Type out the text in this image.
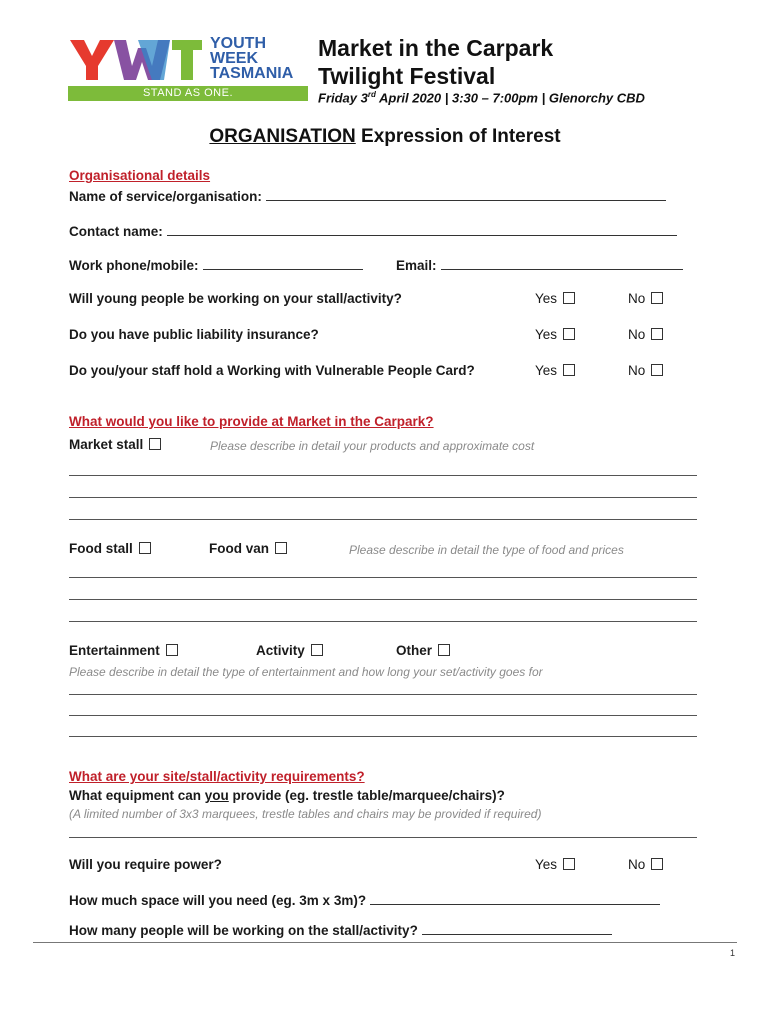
YOUTH
WEEK
TASMANIA
STAND AS ONE.
Market in the Carpark
Twilight Festival
Friday 3rd April 2020 | 3:30 – 7:00pm | Glenorchy CBD
ORGANISATION Expression of Interest
Organisational details
Name of service/organisation:
Contact name:
Work phone/mobile:	Email:
Will young people be working on your stall/activity?	Yes	No
Do you have public liability insurance?	Yes	No
Do you/your staff hold a Working with Vulnerable People Card?	Yes	No
What would you like to provide at Market in the Carpark?
Market stall	Please describe in detail your products and approximate cost
Food stall	Food van	Please describe in detail the type of food and prices
Entertainment	Activity	Other
Please describe in detail the type of entertainment and how long your set/activity goes for
What are your site/stall/activity requirements?
What equipment can you provide (eg. trestle table/marquee/chairs)?
(A limited number of 3x3 marquees, trestle tables and chairs may be provided if required)
Will you require power?	Yes	No
How much space will you need (eg. 3m x 3m)?
How many people will be working on the stall/activity?
1
